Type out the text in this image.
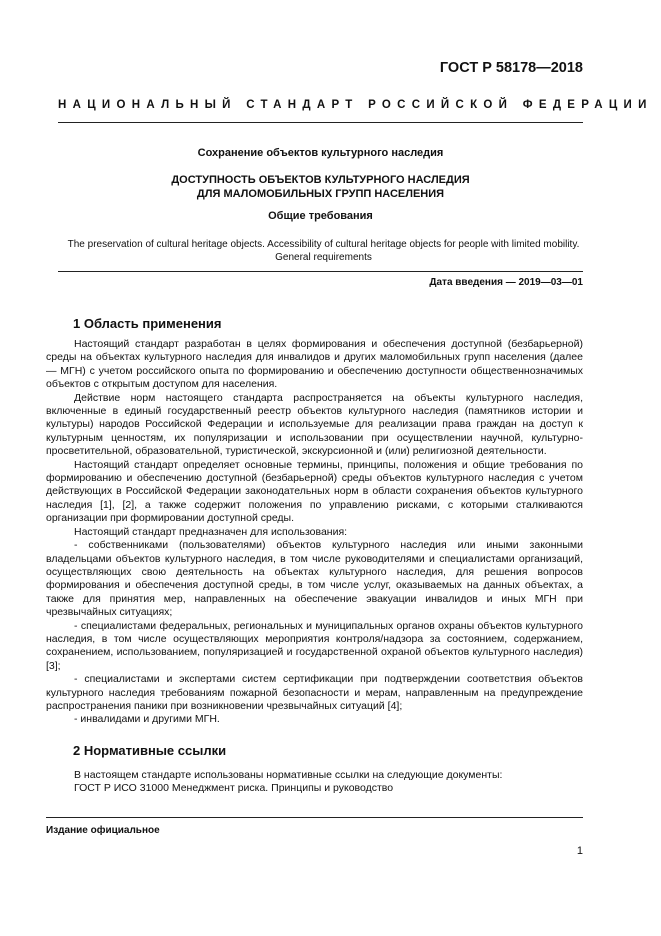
ГОСТ Р 58178—2018
НАЦИОНАЛЬНЫЙ СТАНДАРТ РОССИЙСКОЙ ФЕДЕРАЦИИ
Сохранение объектов культурного наследия
ДОСТУПНОСТЬ ОБЪЕКТОВ КУЛЬТУРНОГО НАСЛЕДИЯ
ДЛЯ МАЛОМОБИЛЬНЫХ ГРУПП НАСЕЛЕНИЯ
Общие требования
The preservation of cultural heritage objects. Accessibility of cultural heritage objects for people with limited mobility.
General requirements
Дата введения — 2019—03—01
1 Область применения

Настоящий стандарт разработан в целях формирования и обеспечения доступной (безбарьерной) среды на объектах культурного наследия для инвалидов и других маломобильных групп населения (далее — МГН) с учетом российского опыта по формированию и обеспечению доступности общественнозначимых объектов с открытым доступом для населения.

Действие норм настоящего стандарта распространяется на объекты культурного наследия, включенные в единый государственный реестр объектов культурного наследия (памятников истории и культуры) народов Российской Федерации и используемые для реализации права граждан на доступ к культурным ценностям, их популяризации и использовании при осуществлении научной, культурно-просветительной, образовательной, туристической, экскурсионной и (или) религиозной деятельности.

Настоящий стандарт определяет основные термины, принципы, положения и общие требования по формированию и обеспечению доступной (безбарьерной) среды объектов культурного наследия с учетом действующих в Российской Федерации законодательных норм в области сохранения объектов культурного наследия [1], [2], а также содержит положения по управлению рисками, с которыми сталкиваются организации при формировании доступной среды.

Настоящий стандарт предназначен для использования:

- собственниками (пользователями) объектов культурного наследия или иными законными владельцами объектов культурного наследия, в том числе руководителями и специалистами организаций, осуществляющих свою деятельность на объектах культурного наследия, для решения вопросов формирования и обеспечения доступной среды, в том числе услуг, оказываемых на данных объектах, а также для принятия мер, направленных на обеспечение эвакуации инвалидов и иных МГН при чрезвычайных ситуациях;

- специалистами федеральных, региональных и муниципальных органов охраны объектов культурного наследия, в том числе осуществляющих мероприятия контроля/надзора за состоянием, содержанием, сохранением, использованием, популяризацией и государственной охраной объектов культурного наследия) [3];

- специалистами и экспертами систем сертификации при подтверждении соответствия объектов культурного наследия требованиям пожарной безопасности и мерам, направленным на предупреждение распространения паники при возникновении чрезвычайных ситуаций [4];

- инвалидами и другими МГН.

2 Нормативные ссылки

В настоящем стандарте использованы нормативные ссылки на следующие документы:

ГОСТ Р ИСО 31000 Менеджмент риска. Принципы и руководство

Издание официальное
1
